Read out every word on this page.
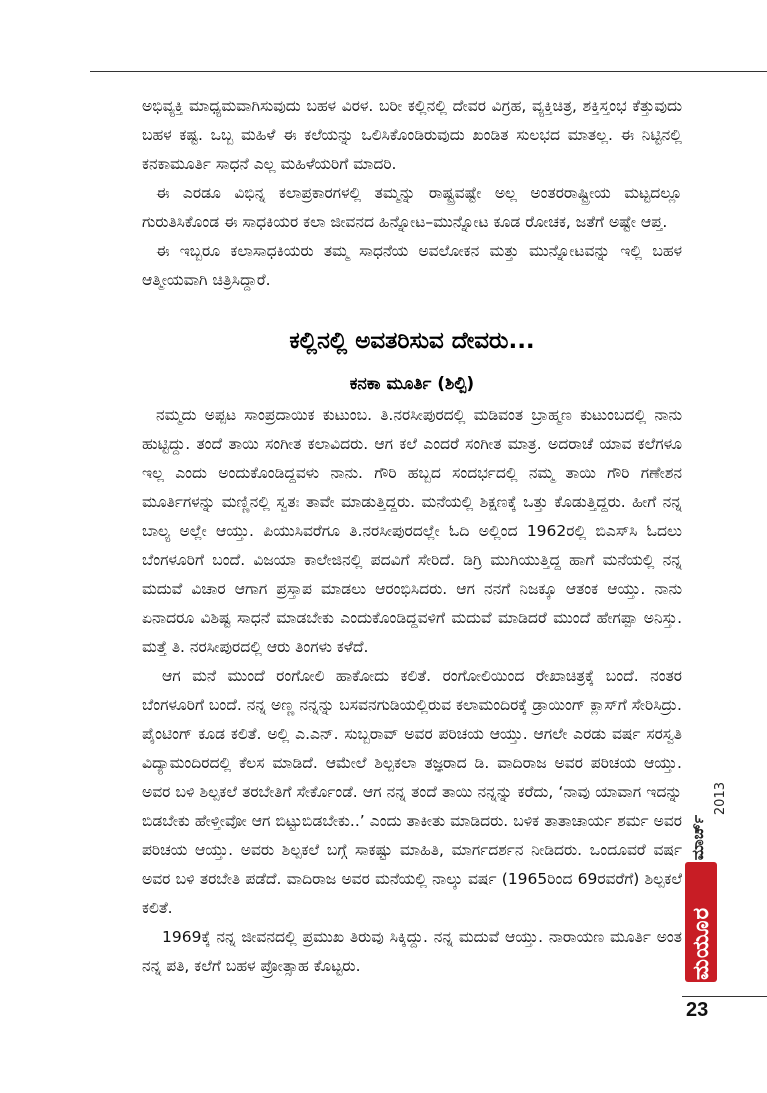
ಅಭಿವ್ಯಕ್ತಿ ಮಾಧ್ಯಮವಾಗಿಸುವುದು ಬಹಳ ವಿರಳ. ಬರೀ ಕಲ್ಲಿನಲ್ಲಿ ದೇವರ ವಿಗ್ರಹ, ವ್ಯಕ್ತಿಚಿತ್ರ, ಶಕ್ತಿಸ್ತಂಭ ಕೆತ್ತುವುದು ಬಹಳ ಕಷ್ಟ. ಒಬ್ಬ ಮಹಿಳೆ ಈ ಕಲೆಯನ್ನು ಒಲಿಸಿಕೊಂಡಿರುವುದು ಖಂಡಿತ ಸುಲಭದ ಮಾತಲ್ಲ. ಈ ನಿಟ್ಟಿನಲ್ಲಿ ಕನಕಾಮೂರ್ತಿ ಸಾಧನೆ ಎಲ್ಲ ಮಹಿಳೆಯರಿಗೆ ಮಾದರಿ.

ಈ ಎರಡೂ ವಿಭಿನ್ನ ಕಲಾಪ್ರಕಾರಗಳಲ್ಲಿ ತಮ್ಮನ್ನು ರಾಷ್ಟ್ರವಷ್ಟೇ ಅಲ್ಲ ಅಂತರರಾಷ್ಟ್ರೀಯ ಮಟ್ಟದಲ್ಲೂ ಗುರುತಿಸಿಕೊಂಡ ಈ ಸಾಧಕಿಯರ ಕಲಾ ಜೀವನದ ಹಿನ್ನೋಟ–ಮುನ್ನೋಟ ಕೂಡ ರೋಚಕ, ಜತೆಗೆ ಅಷ್ಟೇ ಆಪ್ತ.

ಈ ಇಬ್ಬರೂ ಕಲಾಸಾಧಕಿಯರು ತಮ್ಮ ಸಾಧನೆಯ ಅವಲೋಕನ ಮತ್ತು ಮುನ್ನೋಟವನ್ನು ಇಲ್ಲಿ ಬಹಳ ಆತ್ಮೀಯವಾಗಿ ಚಿತ್ರಿಸಿದ್ದಾರೆ.

ಕಲ್ಲಿನಲ್ಲಿ ಅವತರಿಸುವ ದೇವರು...
ಕನಕಾ ಮೂರ್ತಿ (ಶಿಲ್ಪಿ)

ನಮ್ಮದು ಅಪ್ಪಟ ಸಾಂಪ್ರದಾಯಿಕ ಕುಟುಂಬ. ತಿ.ನರಸೀಪುರದಲ್ಲಿ ಮಡಿವಂತ ಬ್ರಾಹ್ಮಣ ಕುಟುಂಬದಲ್ಲಿ ನಾನು ಹುಟ್ಟಿದ್ದು. ತಂದೆ ತಾಯಿ ಸಂಗೀತ ಕಲಾವಿದರು. ಆಗ ಕಲೆ ಎಂದರೆ ಸಂಗೀತ ಮಾತ್ರ. ಅದರಾಚೆ ಯಾವ ಕಲೆಗಳೂ ಇಲ್ಲ ಎಂದು ಅಂದುಕೊಂಡಿದ್ದವಳು ನಾನು. ಗೌರಿ ಹಬ್ಬದ ಸಂದರ್ಭದಲ್ಲಿ ನಮ್ಮ ತಾಯಿ ಗೌರಿ ಗಣೇಶನ ಮೂರ್ತಿಗಳನ್ನು ಮಣ್ಣಿನಲ್ಲಿ ಸ್ವತಃ ತಾವೇ ಮಾಡುತ್ತಿದ್ದರು. ಮನೆಯಲ್ಲಿ ಶಿಕ್ಷಣಕ್ಕೆ ಒತ್ತು ಕೊಡುತ್ತಿದ್ದರು. ಹೀಗೆ ನನ್ನ ಬಾಲ್ಯ ಅಲ್ಲೇ ಆಯ್ತು. ಪಿಯುಸಿವರೆಗೂ ತಿ.ನರಸೀಪುರದಲ್ಲೇ ಓದಿ ಅಲ್ಲಿಂದ 1962ರಲ್ಲಿ ಬಿಎಸ್‌ಸಿ ಓದಲು ಬೆಂಗಳೂರಿಗೆ ಬಂದೆ. ವಿಜಯಾ ಕಾಲೇಜಿನಲ್ಲಿ ಪದವಿಗೆ ಸೇರಿದೆ. ಡಿಗ್ರಿ ಮುಗಿಯುತ್ತಿದ್ದ ಹಾಗೆ ಮನೆಯಲ್ಲಿ ನನ್ನ ಮದುವೆ ವಿಚಾರ ಆಗಾಗ ಪ್ರಸ್ತಾಪ ಮಾಡಲು ಆರಂಭಿಸಿದರು. ಆಗ ನನಗೆ ನಿಜಕ್ಕೂ ಆತಂಕ ಆಯ್ತು. ನಾನು ಏನಾದರೂ ವಿಶಿಷ್ಟ ಸಾಧನೆ ಮಾಡಬೇಕು ಎಂದುಕೊಂಡಿದ್ದವಳಿಗೆ ಮದುವೆ ಮಾಡಿದರೆ ಮುಂದೆ ಹೇಗಪ್ಪಾ ಅನಿಸ್ತು. ಮತ್ತೆ ತಿ. ನರಸೀಪುರದಲ್ಲಿ ಆರು ತಿಂಗಳು ಕಳೆದೆ.

ಆಗ ಮನೆ ಮುಂದೆ ರಂಗೋಲಿ ಹಾಕೋದು ಕಲಿತೆ. ರಂಗೋಲಿಯಿಂದ ರೇಖಾಚಿತ್ರಕ್ಕೆ ಬಂದೆ. ನಂತರ ಬೆಂಗಳೂರಿಗೆ ಬಂದೆ. ನನ್ನ ಅಣ್ಣ ನನ್ನನ್ನು ಬಸವನಗುಡಿಯಲ್ಲಿರುವ ಕಲಾಮಂದಿರಕ್ಕೆ ಡ್ರಾಯಿಂಗ್ ಕ್ಲಾಸ್‌ಗೆ ಸೇರಿಸಿದ್ರು. ಪೈಂಟಿಂಗ್ ಕೂಡ ಕಲಿತೆ. ಅಲ್ಲಿ ಎ.ಎನ್. ಸುಬ್ಬರಾವ್ ಅವರ ಪರಿಚಯ ಆಯ್ತು. ಆಗಲೇ ಎರಡು ವರ್ಷ ಸರಸ್ವತಿ ವಿದ್ಯಾಮಂದಿರದಲ್ಲಿ ಕೆಲಸ ಮಾಡಿದೆ. ಆಮೇಲೆ ಶಿಲ್ಪಕಲಾ ತಜ್ಞರಾದ ಡಿ. ವಾದಿರಾಜ ಅವರ ಪರಿಚಯ ಆಯ್ತು. ಅವರ ಬಳಿ ಶಿಲ್ಪಕಲೆ ತರಬೇತಿಗೆ ಸೇರ್ಕೊಂಡೆ. ಆಗ ನನ್ನ ತಂದೆ ತಾಯಿ ನನ್ನನ್ನು ಕರೆದು, ‘ನಾವು ಯಾವಾಗ ಇದನ್ನು ಬಿಡಬೇಕು ಹೇಳ್ತೀವೋ ಆಗ ಬಿಟ್ಟುಬಿಡಬೇಕು..’ ಎಂದು ತಾಕೀತು ಮಾಡಿದರು. ಬಳಿಕ ತಾತಾಚಾರ್ಯ ಶರ್ಮ ಅವರ ಪರಿಚಯ ಆಯ್ತು. ಅವರು ಶಿಲ್ಪಕಲೆ ಬಗ್ಗೆ ಸಾಕಷ್ಟು ಮಾಹಿತಿ, ಮಾರ್ಗದರ್ಶನ ನೀಡಿದರು. ಒಂದೂವರೆ ವರ್ಷ ಅವರ ಬಳಿ ತರಬೇತಿ ಪಡೆದೆ. ವಾದಿರಾಜ ಅವರ ಮನೆಯಲ್ಲಿ ನಾಲ್ಕು ವರ್ಷ (1965ರಿಂದ 69ರವರೆಗೆ) ಶಿಲ್ಪಕಲೆ ಕಲಿತೆ.

1969ಕ್ಕೆ ನನ್ನ ಜೀವನದಲ್ಲಿ ಪ್ರಮುಖ ತಿರುವು ಸಿಕ್ಕಿದ್ದು. ನನ್ನ ಮದುವೆ ಆಯ್ತು. ನಾರಾಯಣ ಮೂರ್ತಿ ಅಂತ ನನ್ನ ಪತಿ, ಕಲೆಗೆ ಬಹಳ ಪ್ರೋತ್ಸಾಹ ಕೊಟ್ಟರು.

2013
ಮಾರ್ಚ್
ಮಯೂರ
23
